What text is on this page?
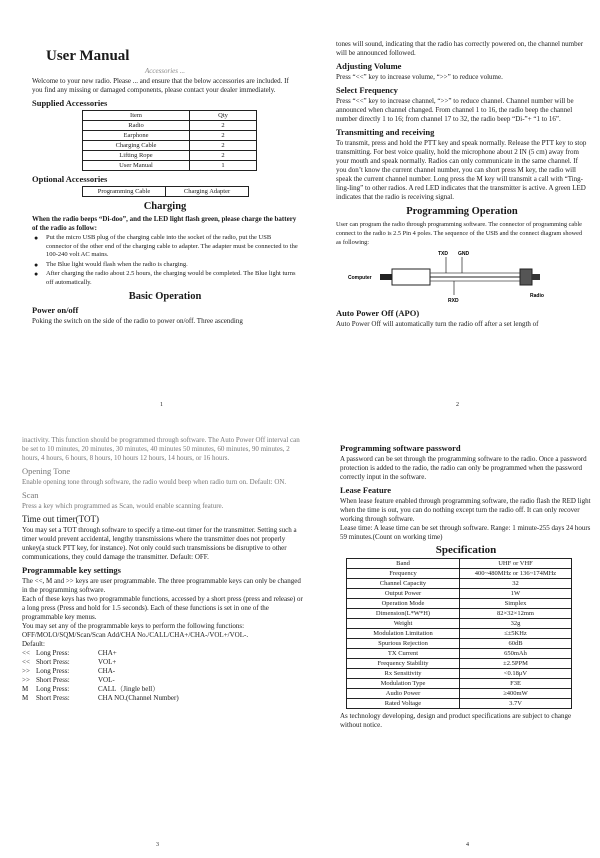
User Manual
Accessories ...

Welcome to your new radio. Please ... and ensure that the below accessories are included. If you find any missing or damaged components, please contact your dealer immediately.

Supplied Accessories
Item	Qty
Radio	2
Earphone	2
Charging Cable	2
Lifting Rope	2
User Manual	1
Optional Accessories
Programming Cable	Charging Adapter
Charging

When the radio beeps “Di-doo”, and the LED light flash green, please charge the battery of the radio as follow:

● Put the micro USB plug of the charging cable into the socket of the radio, put the USB connector of the other end of the charging cable to adapter. The adapter must be connected to the 100-240 volt AC mains.
● The Blue light would flash when the radio is charging.
● After charging the radio about 2.5 hours, the charging would be completed. The Blue light turns off automatically.
Basic Operation
Power on/off

Poking the switch on the side of the radio to power on/off. Three ascending

1

tones will sound, indicating that the radio has correctly powered on, the channel number will be announced followed.

Adjusting Volume

Press “<<” key to increase volume, “>>” to reduce volume.

Select Frequency

Press “<<” key to increase channel, “>>” to reduce channel. Channel number will be announced when channel changed. From channel 1 to 16, the radio beep the channel number directly 1 to 16; from channel 17 to 32, the radio beep “Di-”+ “1 to 16”.

Transmitting and receiving

To transmit, press and hold the PTT key and speak normally. Release the PTT key to stop transmitting. For best voice quality, hold the microphone about 2 IN (5 cm) away from your mouth and speak normally. Radios can only communicate in the same channel. If you don’t know the current channel number, you can short press M key, the radio will speak the current channel number. Long press the M key will transmit a call with “Ting-ling-ling” to other radios. A red LED indicates that the transmitter is active. A green LED indicates that the radio is receiving signal.

Programming Operation

User can program the radio through programming software. The connector of programming cable connect to the radio is 2.5 Pin 4 poles. The sequence of the USB and the connect diagram showed as following:

TXD GND
RXD
Computer
Radio
Auto Power Off (APO)

Auto Power Off will automatically turn the radio off after a set length of

2

inactivity. This function should be programmed through software. The Auto Power Off interval can be set to 10 minutes, 20 minutes, 30 minutes, 40 minutes 50 minutes, 60 minutes, 90 minutes, 2 hours, 4 hours, 6 hours, 8 hours, 10 hours 12 hours, 14 hours, or 16 hours.

Opening Tone

Enable opening tone through software, the radio would beep when radio turn on. Default: ON.

Scan

Press a key which programmed as Scan, would enable scanning feature.

Time out timer(TOT)

You may set a TOT through software to specify a time-out timer for the transmitter. Setting such a timer would prevent accidental, lengthy transmissions where the transmitter does not properly unkey(a stuck PTT key, for instance). Not only could such transmissions be disruptive to other communications, they could damage the transmitter. Default: OFF.

Programmable key settings

The <<, M and >> keys are user programmable. The three programmable keys can only be changed in the programming software.

Each of these keys has two programmable functions, accessed by a short press (press and release) or a long press (Press and hold for 1.5 seconds). Each of these functions is set in one of the programmable key menus.

You may set any of the programmable keys to perform the following functions: OFF/MOLO/SQM/Scan/Scan Add/CHA No./CALL/CHA+/CHA-/VOL+/VOL-.

Default:

<< Long Press:	CHA+
<< Short Press:	VOL+
>> Long Press:	CHA-
>> Short Press:	VOL-
M	Long Press:	CALL（Jingle bell）
M	Short Press:	CHA NO.(Channel Number)
3
Programming software password

A password can be set through the programming software to the radio. Once a password protection is added to the radio, the radio can only be programmed when the password correctly input in the software.

Lease Feature

When lease feature enabled through programming software, the radio flash the RED light when the time is out, you can do nothing except turn the radio off. It can only recover working through software.

Lease time: A lease time can be set through software. Range: 1 minute-255 days 24 hours 59 minutes.(Count on working time)

Specification
Band	UHF or VHF
Frequency	400~480MHz or 136~174MHz
Channel Capacity	32
Output Power	1W
Operation Mode	Simplex
Dimension(L*W*H)	82×32×12mm
Weight	32g
Modulation Limitation	≤±5KHz
Spurious Rejection	60dB
TX Current	650mAh
Frequency Stability	±2.5PPM
Rx Sensitivity	<0.18μV
Modulation Type	F3E
Audio Power	≥400mW
Rated Voltage	3.7V

As technology developing, design and product specifications are subject to change without notice.

4
